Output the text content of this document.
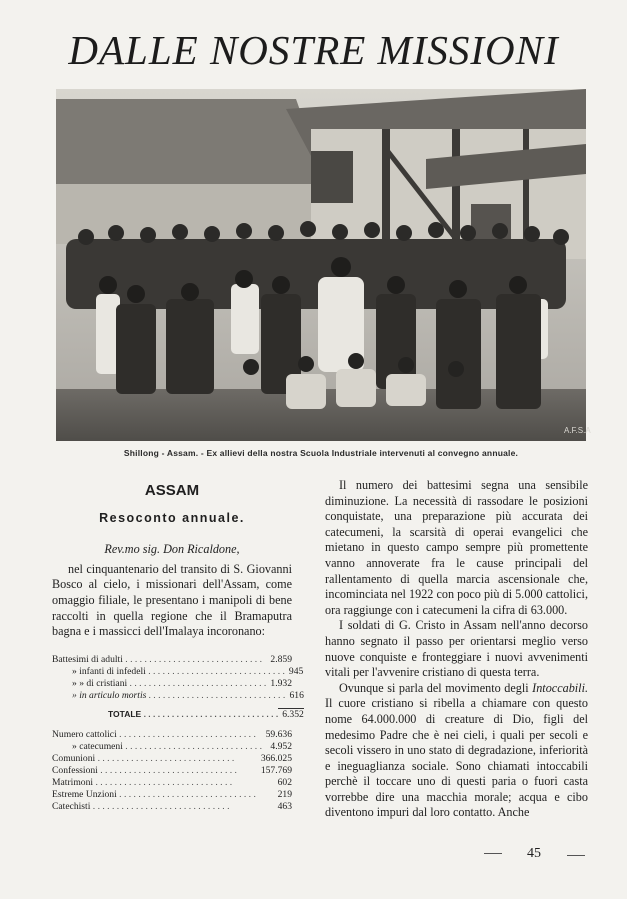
DALLE NOSTRE MISSIONI
A.F.S.A
Shillong - Assam. - Ex allievi della nostra Scuola Industriale intervenuti al convegno annuale.
ASSAM
Resoconto annuale.
Rev.mo sig. Don Ricaldone,

nel cinquantenario del transito di S. Giovanni Bosco al cielo, i missionari dell'Assam, come omaggio filiale, le presentano i manipoli di bene raccolti in quella regione che il Bramaputra bagna e i massicci dell'Imalaya incoronano:

Battesimi di adulti . . .	2.859
» infanti di infedeli . . .	945
» » di cristiani . . .	1.932
» in articulo mortis . . .	616
TOTALE . . .	6.352
Numero cattolici . . .	59.636
» catecumeni . . .	4.952
Comunioni . . .	366.025
Confessioni . . .	157.769
Matrimoni . . .	602
Estreme Unzioni . . .	219
Catechisti . . .	463

Il numero dei battesimi segna una sensibile diminuzione. La necessità di rassodare le posizioni conquistate, una preparazione più accurata dei catecumeni, la scarsità di operai evangelici che mietano in questo campo sempre più promettente vanno annoverate fra le cause principali del rallentamento di quella marcia ascensionale che, incominciata nel 1922 con poco più di 5.000 cattolici, ora raggiunge con i catecumeni la cifra di 63.000.

I soldati di G. Cristo in Assam nell'anno decorso hanno segnato il passo per orientarsi meglio verso nuove conquiste e fronteggiare i nuovi avvenimenti vitali per l'avvenire cristiano di questa terra.

Ovunque si parla del movimento degli Intoccabili. Il cuore cristiano si ribella a chiamare con questo nome 64.000.000 di creature di Dio, figli del medesimo Padre che è nei cieli, i quali per secoli e secoli vissero in uno stato di degradazione, inferiorità e ineguaglianza sociale. Sono chiamati intoccabili perchè il toccare uno di questi paria o fuori casta vorrebbe dire una macchia morale; acqua e cibo diventono impuri dal loro contatto. Anche

45
